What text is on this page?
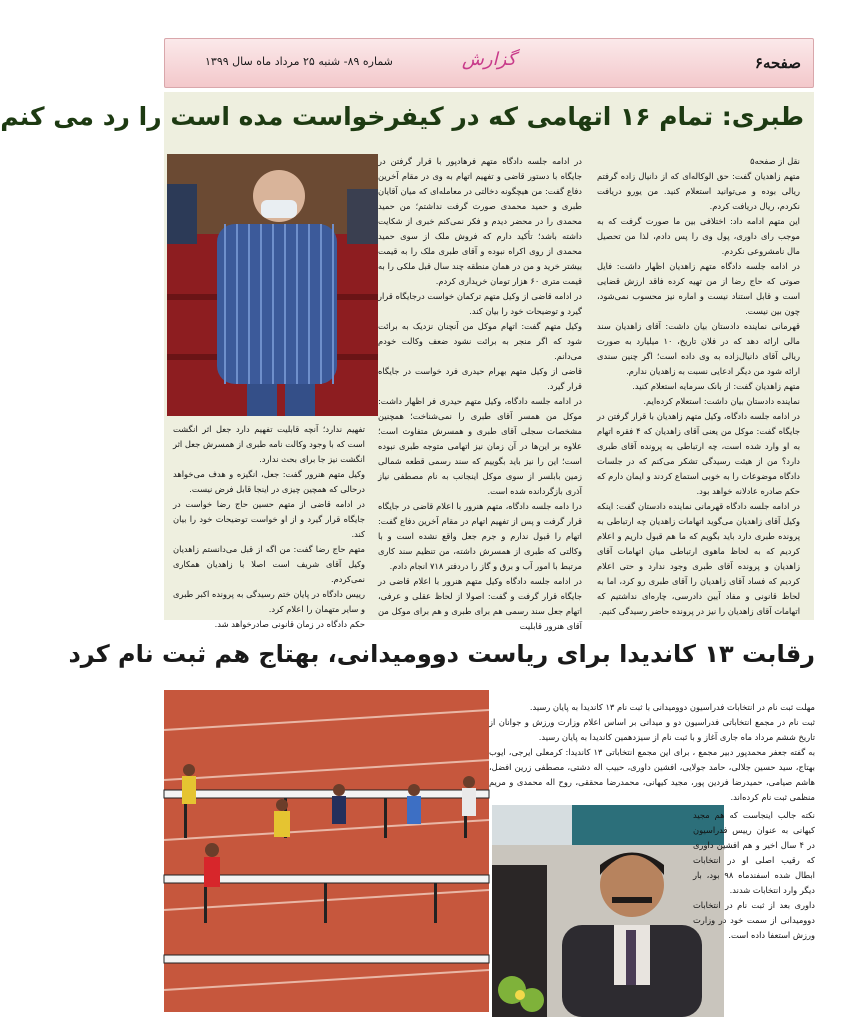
صفحه۶
گزارش
شماره ۸۹- شنبه ۲۵ مرداد ماه سال ۱۳۹۹
طبری: تمام ۱۶ اتهامی که در کیفرخواست مده است را رد می کنم

نقل از صفحه۵

متهم زاهدیان گفت: حق الوکاله‌ای که از دانیال زاده گرفتم ریالی بوده و می‌توانید استعلام کنید. من یورو دریافت نکردم، ریال دریافت کردم.

این متهم ادامه داد: اختلافی بین ما صورت گرفت که به موجب رای داوری، پول وی را پس دادم، لذا من تحصیل مال نامشروعی نکردم.

در ادامه جلسه دادگاه متهم زاهدیان اظهار داشت: فایل صوتی که حاج رضا از من تهیه کرده فاقد ارزش قضایی است و قابل استناد نیست و اماره نیز محسوب نمی‌شود، چون بین نیست.

قهرمانی نماینده دادستان بیان داشت: آقای زاهدیان سند مالی ارائه دهد که در فلان تاریخ، ۱۰ میلیارد به صورت ریالی آقای دانیال‌زاده به وی داده است؛ اگر چنین سندی ارائه شود من دیگر ادعایی نسبت به زاهدیان ندارم.

متهم زاهدیان گفت: از بانک سرمایه استعلام کنید.

نماینده دادستان بیان داشت: استعلام کرده‌ایم.

در ادامه جلسه دادگاه، وکیل متهم زاهدیان با قرار گرفتن در جایگاه گفت: موکل من یعنی آقای زاهدیان که ۴ فقره اتهام به او وارد شده است، چه ارتباطی به پرونده آقای طبری دارد؟ من از هیئت رسیدگی تشکر می‌کنم که در جلسات دادگاه موضوعات را به خوبی استماع کردند و ایمان دارم که حکم صادره عادلانه خواهد بود.

در ادامه جلسه دادگاه قهرمانی نماینده دادستان گفت: اینکه وکیل آقای زاهدیان می‌گوید اتهامات زاهدیان چه ارتباطی به پرونده طبری دارد باید بگویم که ما هم قبول داریم و اعلام کردیم که به لحاظ ماهوی ارتباطی میان اتهامات آقای زاهدیان و پرونده آقای طبری وجود ندارد و حتی اعلام کردیم که فساد آقای زاهدیان را آقای طبری رو کرد، اما به لحاظ قانونی و مفاد آیین دادرسی، چاره‌ای نداشتیم که اتهامات آقای زاهدیان را نیز در پرونده حاضر رسیدگی کنیم.

در ادامه جلسه دادگاه متهم فرهادپور با قرار گرفتن در جایگاه با دستور قاضی و تفهیم اتهام به وی در مقام آخرین دفاع گفت: من هیچگونه دخالتی در معامله‌ای که میان آقایان طبری و حمید محمدی صورت گرفت نداشتم؛ من حمید محمدی را در محضر دیدم و فکر نمی‌کنم خبری از شکایت داشته باشد؛ تأکید دارم که فروش ملک از سوی حمید محمدی از روی اکراه نبوده و آقای طبری ملک را به قیمت بیشتر خرید و من در همان منطقه چند سال قبل ملکی را به قیمت متری ۶۰ هزار تومان خریداری کردم.

در ادامه قاضی از وکیل متهم ترکمان خواست درجایگاه قرار گیرد و توضیحات خود را بیان کند.

وکیل متهم گفت: اتهام موکل من آنچنان نزدیک به برائت شود که اگر منجر به برائت نشود ضعف وکالت خودم می‌دانم.

قاضی از وکیل متهم بهرام حیدری فرد خواست در جایگاه قرار گیرد.

در ادامه جلسه دادگاه، وکیل متهم حیدری فر اظهار داشت: موکل من همسر آقای طبری را نمی‌شناخت؛ همچنین مشخصات سجلی آقای طبری و همسرش متفاوت است؛ علاوه بر این‌ها در آن زمان نیز اتهامی متوجه طبری نبوده است؛ این را نیز باید بگوییم که سند رسمی قطعه شمالی زمین بابلسر از سوی موکل اینجانب به نام مصطفی نیاز آذری بازگردانده شده است.

درا دامه جلسه دادگاه، متهم هنرور با اعلام قاضی در جایگاه قرار گرفت و پس از تفهیم اتهام در مقام آخرین دفاع گفت: اتهام را قبول ندارم و جرم جعل واقع نشده است و با وکالتی که طبری از همسرش داشته، من تنظیم سند کاری مرتبط با امور آب و برق و گاز را دردفتر ۷۱۸ انجام دادم.

در ادامه جلسه دادگاه وکیل متهم هنرور با اعلام قاضی در جایگاه قرار گرفت و گفت: اصولا از لحاظ عقلی و عرفی، اتهام جعل سند رسمی هم برای طبری و هم برای موکل من آقای هنرور قابلیت

تفهیم ندارد؛ آنچه قابلیت تفهیم دارد جعل اثر انگشت است که با وجود وکالت نامه طبری از همسرش جعل اثر انگشت نیز جا برای بحث ندارد.

وکیل متهم هنرور گفت: جعل، انگیزه و هدف می‌خواهد درحالی که همچین چیزی در اینجا قابل فرض نیست.

در ادامه قاضی از متهم حسین حاج رضا خواست در جایگاه قرار گیرد و از او خواست توضیحات خود را بیان کند.

متهم حاج رضا گفت: من اگه از قبل می‌دانستم زاهدیان وکیل آقای شریف است اصلا با زاهدیان همکاری نمی‌کردم.

رییس دادگاه در پایان ختم رسیدگی به پرونده اکبر طبری و سایر متهمان را اعلام کرد.

حکم دادگاه در زمان قانونی صادرخواهد شد.

رقابت ۱۳ کاندیدا برای ریاست دوومیدانی، بهتاج هم ثبت نام کرد

مهلت ثبت نام در انتخابات فدراسیون دوومیدانی با ثبت نام ۱۳ کاندیدا به پایان رسید.

ثبت نام در مجمع انتخاباتی فدراسیون دو و میدانی بر اساس اعلام وزارت ورزش و جوانان از تاریخ ششم مرداد ماه جاری آغاز و با ثبت نام از سیزدهمین کاندیدا به پایان رسید.

به گفته جعفر محمدپور دبیر مجمع ، برای این مجمع انتخاباتی ۱۳ کاندیدا: کرمعلی ایرجی، ایوب بهتاج، سید حسین جلالی، حامد جولایی، افشین داوری، حبیب اله دشتی، مصطفی زرین افضل، هاشم صیامی، حمیدرضا فردین پور، مجید کیهانی، محمدرضا محققی، روح اله محمدی و مریم منظمی ثبت نام کرده‌اند.

نکته جالب اینجاست که هم مجید کیهانی به عنوان رییس فدراسیون در ۴ سال اخیر و هم افشین داوری که رقیب اصلی او در انتخابات ابطال شده اسفندماه ۹۸ بود، بار دیگر وارد انتخابات شدند.

داوری بعد از ثبت نام در انتخابات دوومیدانی از سمت خود در وزارت ورزش استعفا داده است.
